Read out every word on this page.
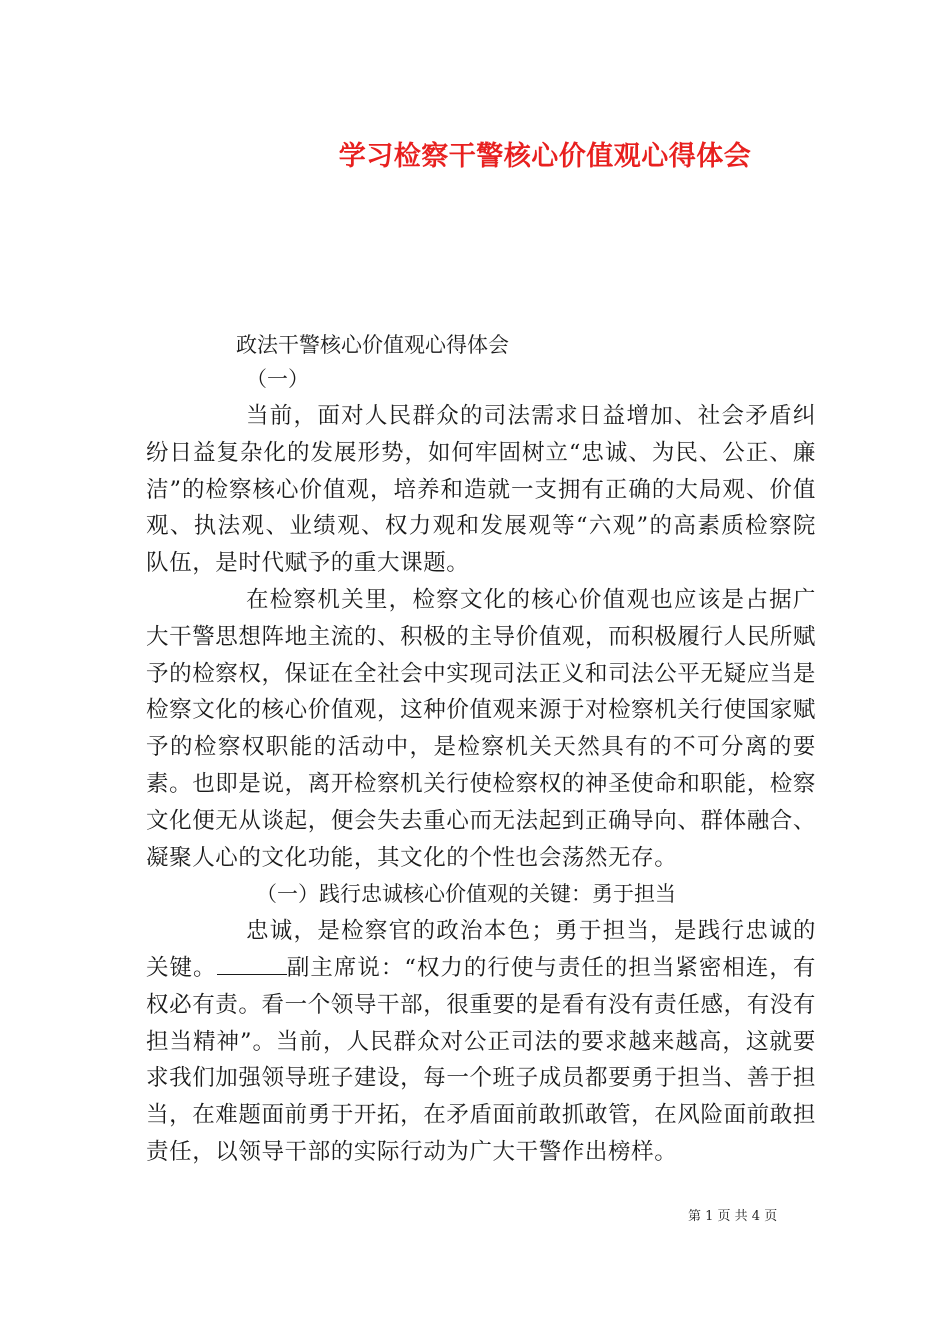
学习检察干警核心价值观心得体会

政法干警核心价值观心得体会

（一）

当前，面对人民群众的司法需求日益增加、社会矛盾纠纷日益复杂化的发展形势，如何牢固树立“忠诚、为民、公正、廉洁”的检察核心价值观，培养和造就一支拥有正确的大局观、价值观、执法观、业绩观、权力观和发展观等“六观”的高素质检察院队伍，是时代赋予的重大课题。

在检察机关里，检察文化的核心价值观也应该是占据广大干警思想阵地主流的、积极的主导价值观，而积极履行人民所赋予的检察权，保证在全社会中实现司法正义和司法公平无疑应当是检察文化的核心价值观，这种价值观来源于对检察机关行使国家赋予的检察权职能的活动中，是检察机关天然具有的不可分离的要素。也即是说，离开检察机关行使检察权的神圣使命和职能，检察文化便无从谈起，便会失去重心而无法起到正确导向、群体融合、凝聚人心的文化功能，其文化的个性也会荡然无存。

（一）践行忠诚核心价值观的关键：勇于担当

忠诚，是检察官的政治本色；勇于担当，是践行忠诚的关键。	副主席说：“权力的行使与责任的担当紧密相连，有权必有责。看一个领导干部，很重要的是看有没有责任感，有没有担当精神”。当前，人民群众对公正司法的要求越来越高，这就要求我们加强领导班子建设，每一个班子成员都要勇于担当、善于担当，在难题面前勇于开拓，在矛盾面前敢抓敢管，在风险面前敢担责任，以领导干部的实际行动为广大干警作出榜样。

第 1 页 共 4 页
